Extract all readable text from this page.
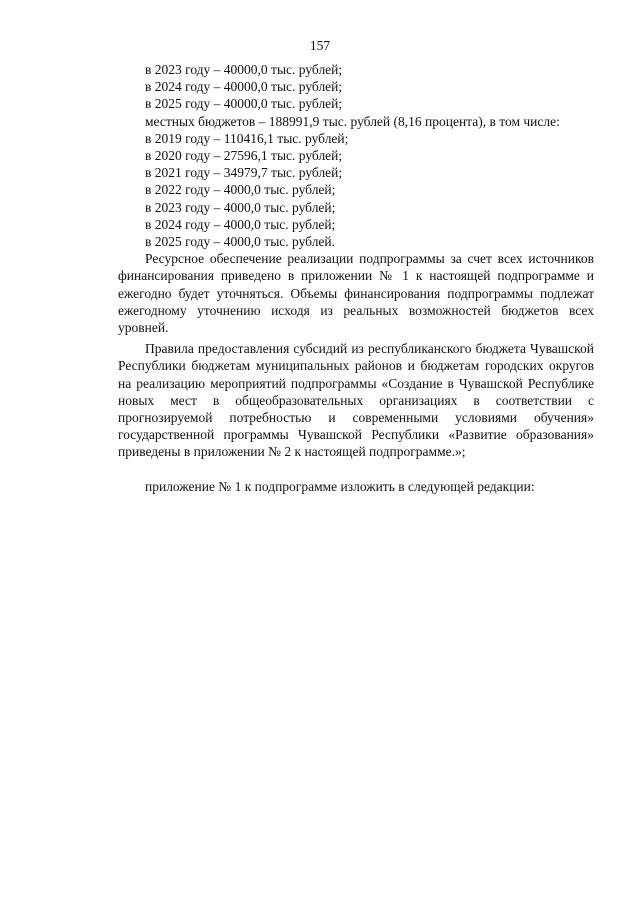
157
в 2023 году – 40000,0 тыс. рублей;
в 2024 году – 40000,0 тыс. рублей;
в 2025 году – 40000,0 тыс. рублей;
местных бюджетов – 188991,9 тыс. рублей (8,16 процента), в том числе:
в 2019 году – 110416,1 тыс. рублей;
в 2020 году – 27596,1 тыс. рублей;
в 2021 году – 34979,7 тыс. рублей;
в 2022 году – 4000,0 тыс. рублей;
в 2023 году – 4000,0 тыс. рублей;
в 2024 году – 4000,0 тыс. рублей;
в 2025 году – 4000,0 тыс. рублей.

Ресурсное обеспечение реализации подпрограммы за счет всех источников финансирования приведено в приложении № 1 к настоящей подпрограмме и ежегодно будет уточняться. Объемы финансирования подпрограммы подлежат ежегодному уточнению исходя из реальных возможностей бюджетов всех уровней.

Правила предоставления субсидий из республиканского бюджета Чувашской Республики бюджетам муниципальных районов и бюджетам городских округов на реализацию мероприятий подпрограммы «Создание в Чувашской Республике новых мест в общеобразовательных организациях в соответствии с прогнозируемой потребностью и современными условиями обучения» государственной программы Чувашской Республики «Развитие образования» приведены в приложении № 2 к настоящей подпрограмме.»;

приложение № 1 к подпрограмме изложить в следующей редакции:
